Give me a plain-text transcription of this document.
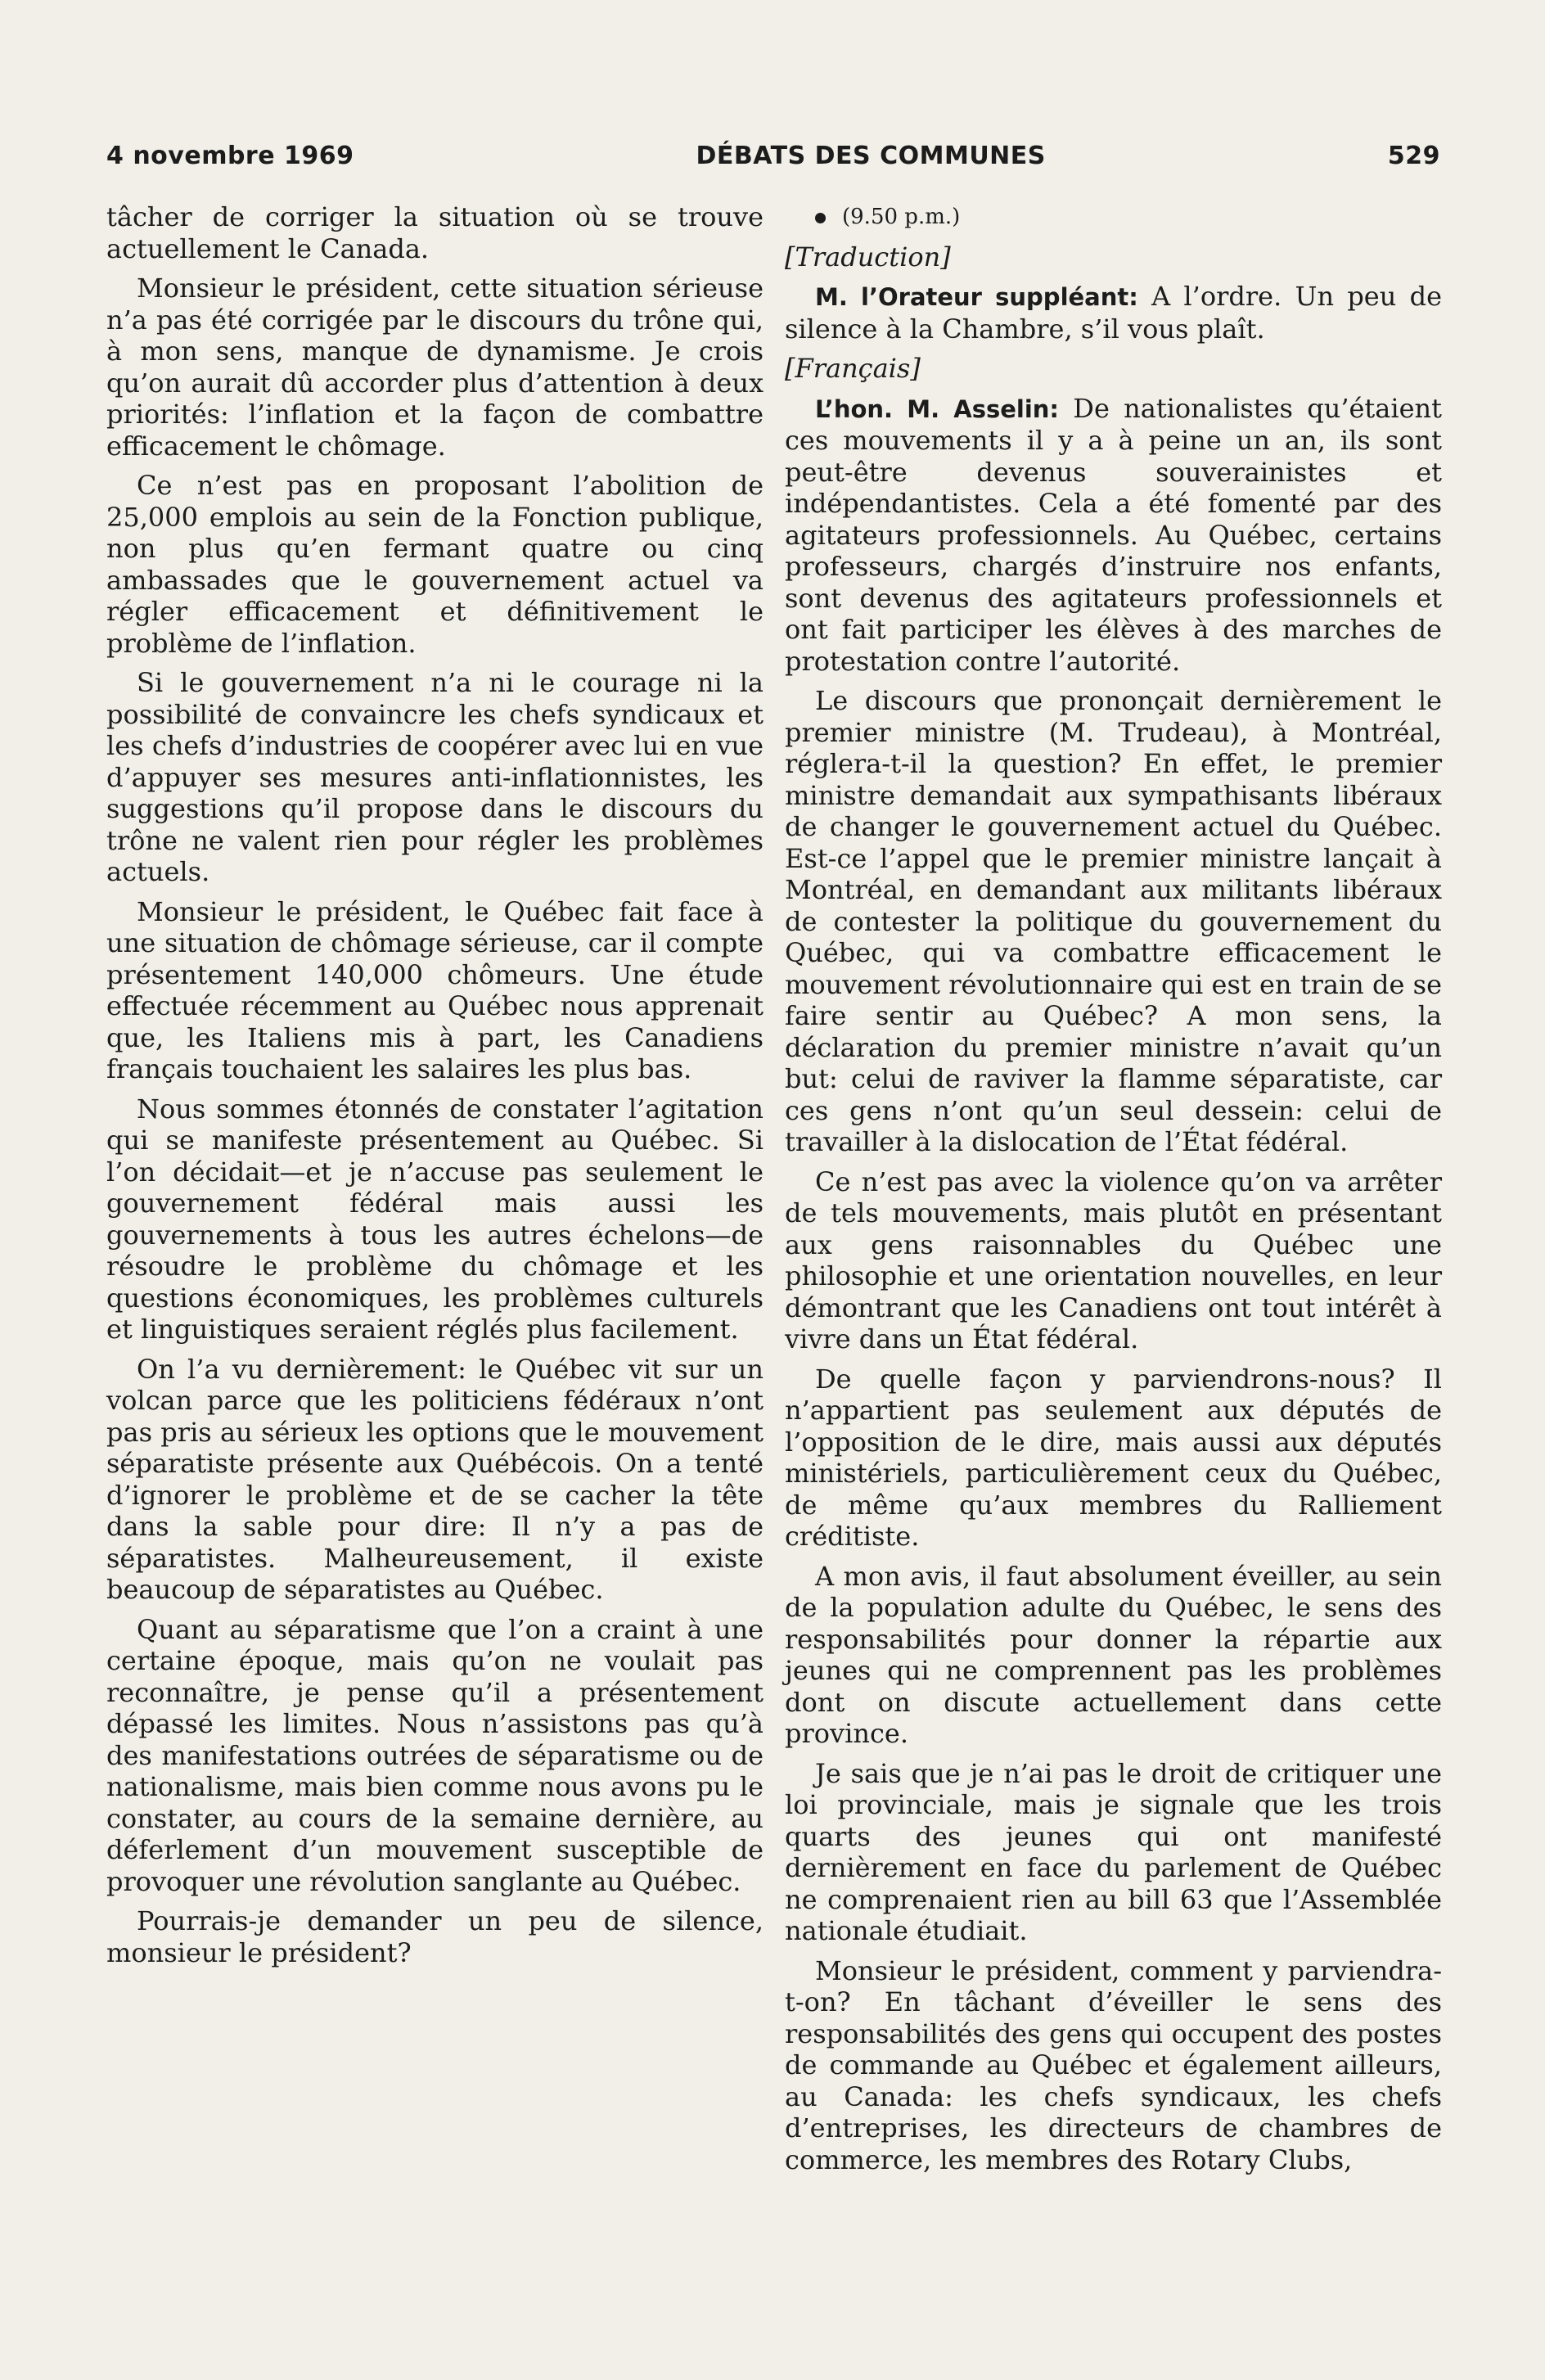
4 novembre 1969	DÉBATS DES COMMUNES	529

tâcher de corriger la situation où se trouve actuellement le Canada.

Monsieur le président, cette situation sérieuse n’a pas été corrigée par le discours du trône qui, à mon sens, manque de dynamisme. Je crois qu’on aurait dû accorder plus d’attention à deux priorités: l’inflation et la façon de combattre efficacement le chômage.

Ce n’est pas en proposant l’abolition de 25,000 emplois au sein de la Fonction publique, non plus qu’en fermant quatre ou cinq ambassades que le gouvernement actuel va régler efficacement et définitivement le problème de l’inflation.

Si le gouvernement n’a ni le courage ni la possibilité de convaincre les chefs syndicaux et les chefs d’industries de coopérer avec lui en vue d’appuyer ses mesures anti-inflationnistes, les suggestions qu’il propose dans le discours du trône ne valent rien pour régler les problèmes actuels.

Monsieur le président, le Québec fait face à une situation de chômage sérieuse, car il compte présentement 140,000 chômeurs. Une étude effectuée récemment au Québec nous apprenait que, les Italiens mis à part, les Canadiens français touchaient les salaires les plus bas.

Nous sommes étonnés de constater l’agitation qui se manifeste présentement au Québec. Si l’on décidait—et je n’accuse pas seulement le gouvernement fédéral mais aussi les gouvernements à tous les autres échelons—de résoudre le problème du chômage et les questions économiques, les problèmes culturels et linguistiques seraient réglés plus facilement.

On l’a vu dernièrement: le Québec vit sur un volcan parce que les politiciens fédéraux n’ont pas pris au sérieux les options que le mouvement séparatiste présente aux Québécois. On a tenté d’ignorer le problème et de se cacher la tête dans la sable pour dire: Il n’y a pas de séparatistes. Malheureusement, il existe beaucoup de séparatistes au Québec.

Quant au séparatisme que l’on a craint à une certaine époque, mais qu’on ne voulait pas reconnaître, je pense qu’il a présentement dépassé les limites. Nous n’assistons pas qu’à des manifestations outrées de séparatisme ou de nationalisme, mais bien comme nous avons pu le constater, au cours de la semaine dernière, au déferlement d’un mouvement susceptible de provoquer une révolution sanglante au Québec.

Pourrais-je demander un peu de silence, monsieur le président?

(9.50 p.m.)

[Traduction]

M. l’Orateur suppléant: A l’ordre. Un peu de silence à la Chambre, s’il vous plaît.

[Français]

L’hon. M. Asselin: De nationalistes qu’étaient ces mouvements il y a à peine un an, ils sont peut-être devenus souverainistes et indépendantistes. Cela a été fomenté par des agitateurs professionnels. Au Québec, certains professeurs, chargés d’instruire nos enfants, sont devenus des agitateurs professionnels et ont fait participer les élèves à des marches de protestation contre l’autorité.

Le discours que prononçait dernièrement le premier ministre (M. Trudeau), à Montréal, réglera-t-il la question? En effet, le premier ministre demandait aux sympathisants libéraux de changer le gouvernement actuel du Québec. Est-ce l’appel que le premier ministre lançait à Montréal, en demandant aux militants libéraux de contester la politique du gouvernement du Québec, qui va combattre efficacement le mouvement révolutionnaire qui est en train de se faire sentir au Québec? A mon sens, la déclaration du premier ministre n’avait qu’un but: celui de raviver la flamme séparatiste, car ces gens n’ont qu’un seul dessein: celui de travailler à la dislocation de l’État fédéral.

Ce n’est pas avec la violence qu’on va arrêter de tels mouvements, mais plutôt en présentant aux gens raisonnables du Québec une philosophie et une orientation nouvelles, en leur démontrant que les Canadiens ont tout intérêt à vivre dans un État fédéral.

De quelle façon y parviendrons-nous? Il n’appartient pas seulement aux députés de l’opposition de le dire, mais aussi aux députés ministériels, particulièrement ceux du Québec, de même qu’aux membres du Ralliement créditiste.

A mon avis, il faut absolument éveiller, au sein de la population adulte du Québec, le sens des responsabilités pour donner la répartie aux jeunes qui ne comprennent pas les problèmes dont on discute actuellement dans cette province.

Je sais que je n’ai pas le droit de critiquer une loi provinciale, mais je signale que les trois quarts des jeunes qui ont manifesté dernièrement en face du parlement de Québec ne comprenaient rien au bill 63 que l’Assemblée nationale étudiait.

Monsieur le président, comment y parviendra-t-on? En tâchant d’éveiller le sens des responsabilités des gens qui occupent des postes de commande au Québec et également ailleurs, au Canada: les chefs syndicaux, les chefs d’entreprises, les directeurs de chambres de commerce, les membres des Rotary Clubs,
